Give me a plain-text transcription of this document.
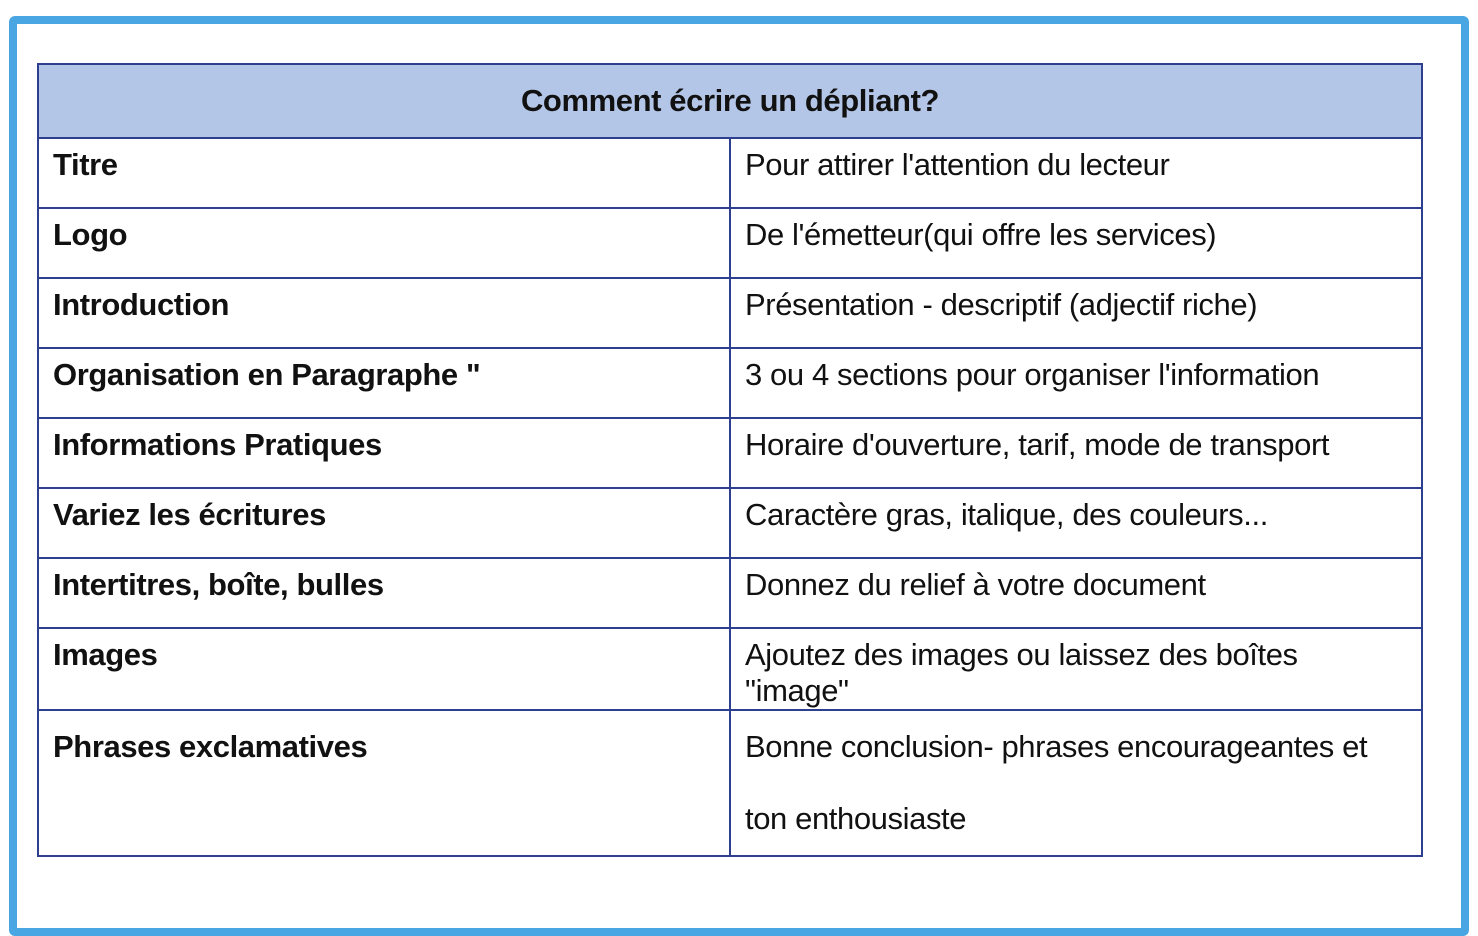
Comment écrire un dépliant?	
Titre	Pour attirer l'attention du lecteur
Logo	De l'émetteur(qui offre les services)
Introduction	Présentation - descriptif (adjectif riche)
Organisation en Paragraphe "	3 ou 4 sections pour organiser l'information
Informations Pratiques	Horaire d'ouverture, tarif, mode de transport
Variez les écritures	Caractère gras, italique, des couleurs...
Intertitres, boîte, bulles	Donnez du relief à votre document
Images	Ajoutez des images ou laissez des boîtes "image"
Phrases exclamatives	Bonne conclusion- phrases encourageantes et ton enthousiaste
